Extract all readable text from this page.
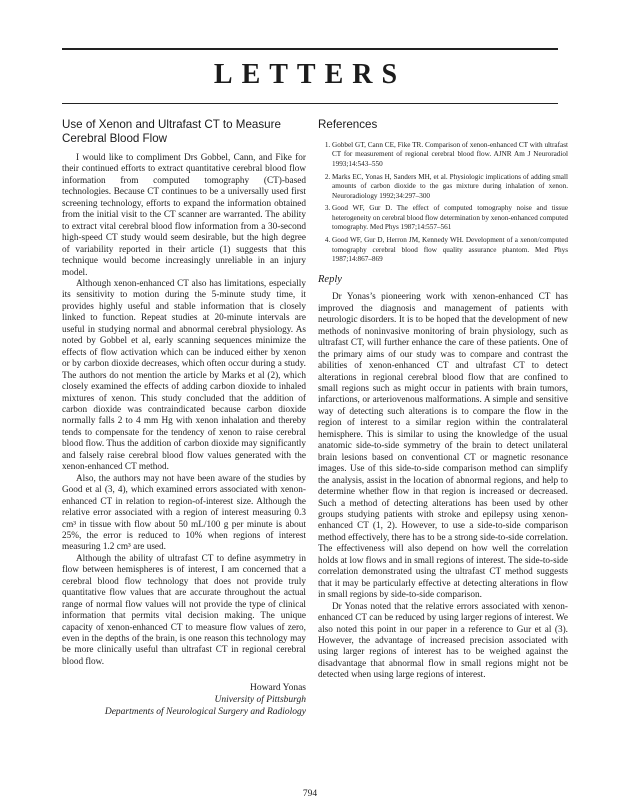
LETTERS
Use of Xenon and Ultrafast CT to Measure Cerebral Blood Flow

I would like to compliment Drs Gobbel, Cann, and Fike for their continued efforts to extract quantitative cerebral blood flow information from computed tomography (CT)-based technologies. Because CT continues to be a universally used first screening technology, efforts to expand the information obtained from the initial visit to the CT scanner are warranted. The ability to extract vital cerebral blood flow information from a 30-second high-speed CT study would seem desirable, but the high degree of variability reported in their article (1) suggests that this technique would become increasingly unreliable in an injury model.

Although xenon-enhanced CT also has limitations, especially its sensitivity to motion during the 5-minute study time, it provides highly useful and stable information that is closely linked to function. Repeat studies at 20-minute intervals are useful in studying normal and abnormal cerebral physiology. As noted by Gobbel et al, early scanning sequences minimize the effects of flow activation which can be induced either by xenon or by carbon dioxide decreases, which often occur during a study. The authors do not mention the article by Marks et al (2), which closely examined the effects of adding carbon dioxide to inhaled mixtures of xenon. This study concluded that the addition of carbon dioxide was contraindicated because carbon dioxide normally falls 2 to 4 mm Hg with xenon inhalation and thereby tends to compensate for the tendency of xenon to raise cerebral blood flow. Thus the addition of carbon dioxide may significantly and falsely raise cerebral blood flow values generated with the xenon-enhanced CT method.

Also, the authors may not have been aware of the studies by Good et al (3, 4), which examined errors associated with xenon-enhanced CT in relation to region-of-interest size. Although the relative error associated with a region of interest measuring 0.3 cm³ in tissue with flow about 50 mL/100 g per minute is about 25%, the error is reduced to 10% when regions of interest measuring 1.2 cm³ are used.

Although the ability of ultrafast CT to define asymmetry in flow between hemispheres is of interest, I am concerned that a cerebral blood flow technology that does not provide truly quantitative flow values that are accurate throughout the actual range of normal flow values will not provide the type of clinical information that permits vital decision making. The unique capacity of xenon-enhanced CT to measure flow values of zero, even in the depths of the brain, is one reason this technology may be more clinically useful than ultrafast CT in regional cerebral blood flow.

Howard Yonas
University of Pittsburgh
Departments of Neurological Surgery and Radiology
References
1. Gobbel GT, Cann CE, Fike TR. Comparison of xenon-enhanced CT with ultrafast CT for measurement of regional cerebral blood flow. AJNR Am J Neuroradiol 1993;14:543–550
2. Marks EC, Yonas H, Sanders MH, et al. Physiologic implications of adding small amounts of carbon dioxide to the gas mixture during inhalation of xenon. Neuroradiology 1992;34:297–300
3. Good WF, Gur D. The effect of computed tomography noise and tissue heterogeneity on cerebral blood flow determination by xenon-enhanced computed tomography. Med Phys 1987;14:557–561
4. Good WF, Gur D, Herron JM, Kennedy WH. Development of a xenon/computed tomography cerebral blood flow quality assurance phantom. Med Phys 1987;14:867–869
Reply

Dr Yonas’s pioneering work with xenon-enhanced CT has improved the diagnosis and management of patients with neurologic disorders. It is to be hoped that the development of new methods of noninvasive monitoring of brain physiology, such as ultrafast CT, will further enhance the care of these patients. One of the primary aims of our study was to compare and contrast the abilities of xenon-enhanced CT and ultrafast CT to detect alterations in regional cerebral blood flow that are confined to small regions such as might occur in patients with brain tumors, infarctions, or arteriovenous malformations. A simple and sensitive way of detecting such alterations is to compare the flow in the region of interest to a similar region within the contralateral hemisphere. This is similar to using the knowledge of the usual anatomic side-to-side symmetry of the brain to detect unilateral brain lesions based on conventional CT or magnetic resonance images. Use of this side-to-side comparison method can simplify the analysis, assist in the location of abnormal regions, and help to determine whether flow in that region is increased or decreased. Such a method of detecting alterations has been used by other groups studying patients with stroke and epilepsy using xenon-enhanced CT (1, 2). However, to use a side-to-side comparison method effectively, there has to be a strong side-to-side correlation. The effectiveness will also depend on how well the correlation holds at low flows and in small regions of interest. The side-to-side correlation demonstrated using the ultrafast CT method suggests that it may be particularly effective at detecting alterations in flow in small regions by side-to-side comparison.

Dr Yonas noted that the relative errors associated with xenon-enhanced CT can be reduced by using larger regions of interest. We also noted this point in our paper in a reference to Gur et al (3). However, the advantage of increased precision associated with using larger regions of interest has to be weighed against the disadvantage that abnormal flow in small regions might not be detected when using large regions of interest.

794
